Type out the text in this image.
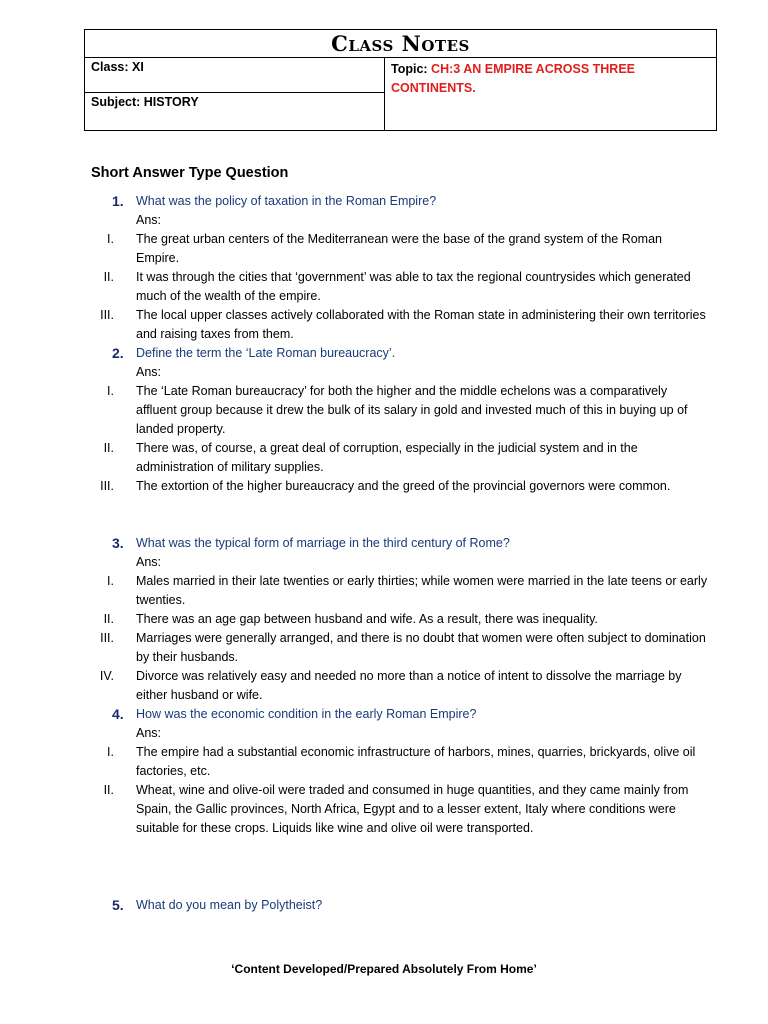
Class Notes
Class: XI
Subject: HISTORY
Topic: CH:3 AN EMPIRE ACROSS THREE CONTINENTS.
Short Answer Type Question
1. What was the policy of taxation in the Roman Empire?
Ans:
I. The great urban centers of the Mediterranean were the base of the grand system of the Roman Empire.
II. It was through the cities that ‘government’ was able to tax the regional countrysides which generated much of the wealth of the empire.
III. The local upper classes actively collaborated with the Roman state in administering their own territories and raising taxes from them.
2. Define the term the ‘Late Roman bureaucracy’.
Ans:
I. The ‘Late Roman bureaucracy’ for both the higher and the middle echelons was a comparatively affluent group because it drew the bulk of its salary in gold and invested much of this in buying up of landed property.
II. There was, of course, a great deal of corruption, especially in the judicial system and in the administration of military supplies.
III. The extortion of the higher bureaucracy and the greed of the provincial governors were common.
3. What was the typical form of marriage in the third century of Rome?
Ans:
I. Males married in their late twenties or early thirties; while women were married in the late teens or early twenties.
II. There was an age gap between husband and wife. As a result, there was inequality.
III. Marriages were generally arranged, and there is no doubt that women were often subject to domination by their husbands.
IV. Divorce was relatively easy and needed no more than a notice of intent to dissolve the marriage by either husband or wife.
4. How was the economic condition in the early Roman Empire?
Ans:
I. The empire had a substantial economic infrastructure of harbors, mines, quarries, brickyards, olive oil factories, etc.
II. Wheat, wine and olive-oil were traded and consumed in huge quantities, and they came mainly from Spain, the Gallic provinces, North Africa, Egypt and to a lesser extent, Italy where conditions were suitable for these crops. Liquids like wine and olive oil were transported.
5. What do you mean by Polytheist?
‘Content Developed/Prepared Absolutely From Home’
